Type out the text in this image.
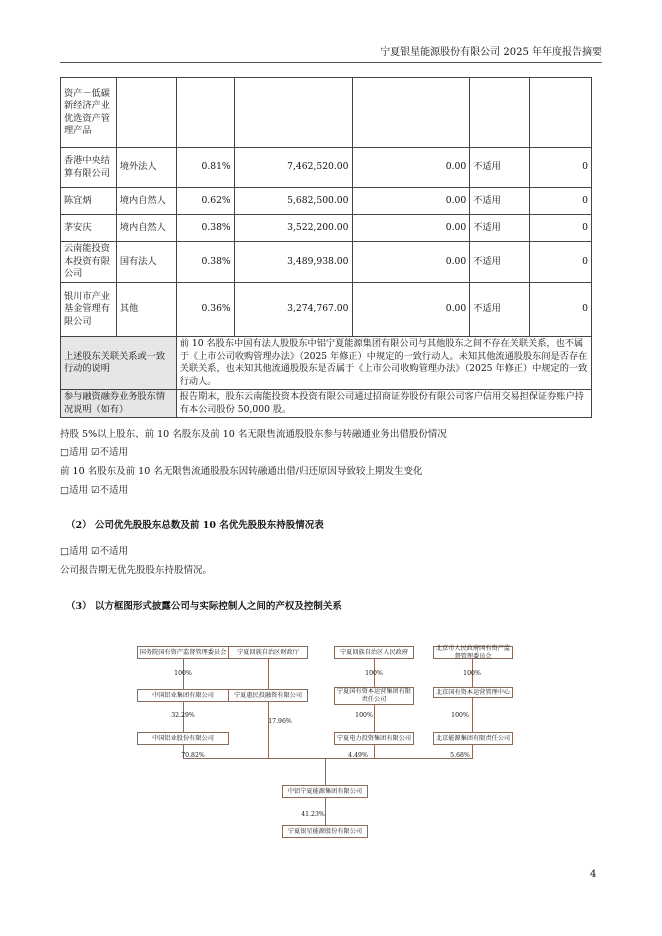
宁夏银星能源股份有限公司 2025 年年度报告摘要
资产－低碳新经济产业优选资产管理产品						
香港中央结算有限公司	境外法人	0.81%	7,462,520.00	0.00	不适用	0
陈宜炳	境内自然人	0.62%	5,682,500.00	0.00	不适用	0
茅安庆	境内自然人	0.38%	3,522,200.00	0.00	不适用	0
云南能投资本投资有限公司	国有法人	0.38%	3,489,938.00	0.00	不适用	0
银川市产业基金管理有限公司	其他	0.36%	3,274,767.00	0.00	不适用	0
上述股东关联关系或一致行动的说明		前 10 名股东中国有法人股股东中铝宁夏能源集团有限公司与其他股东之间不存在关联关系，也不属于《上市公司收购管理办法》（2025 年修正）中规定的一致行动人。未知其他流通股股东间是否存在关联关系，也未知其他流通股股东是否属于《上市公司收购管理办法》（2025 年修正）中规定的一致行动人。				
参与融资融券业务股东情况说明（如有）		报告期末，股东云南能投资本投资有限公司通过招商证券股份有限公司客户信用交易担保证券账户持有本公司股份 50,000 股。				
持股 5%以上股东、前 10 名股东及前 10 名无限售流通股股东参与转融通业务出借股份情况
□适用 ☑不适用
前 10 名股东及前 10 名无限售流通股股东因转融通出借/归还原因导致较上期发生变化
□适用 ☑不适用
（2） 公司优先股股东总数及前 10 名优先股股东持股情况表
□适用 ☑不适用
公司报告期无优先股股东持股情况。
（3） 以方框图形式披露公司与实际控制人之间的产权及控制关系
国务院国有资产监督管理委员会	宁夏回族自治区财政厅	宁夏回族自治区人民政府
北京市人民政府国有资产监督管理委员会
100%	100%	100%
中国铝业集团有限公司	宁夏惠民投融资有限公司	宁夏国有资本运营集团有限责任公司
北京国有资本运营管理中心
32.29%
17.96%
100%	100%
中国铝业股份有限公司	宁夏电力投资集团有限公司	北京能源集团有限责任公司
70.82%	4.49%	5.68%
中铝宁夏能源集团有限公司
41.23%
宁夏银星能源股份有限公司
4
